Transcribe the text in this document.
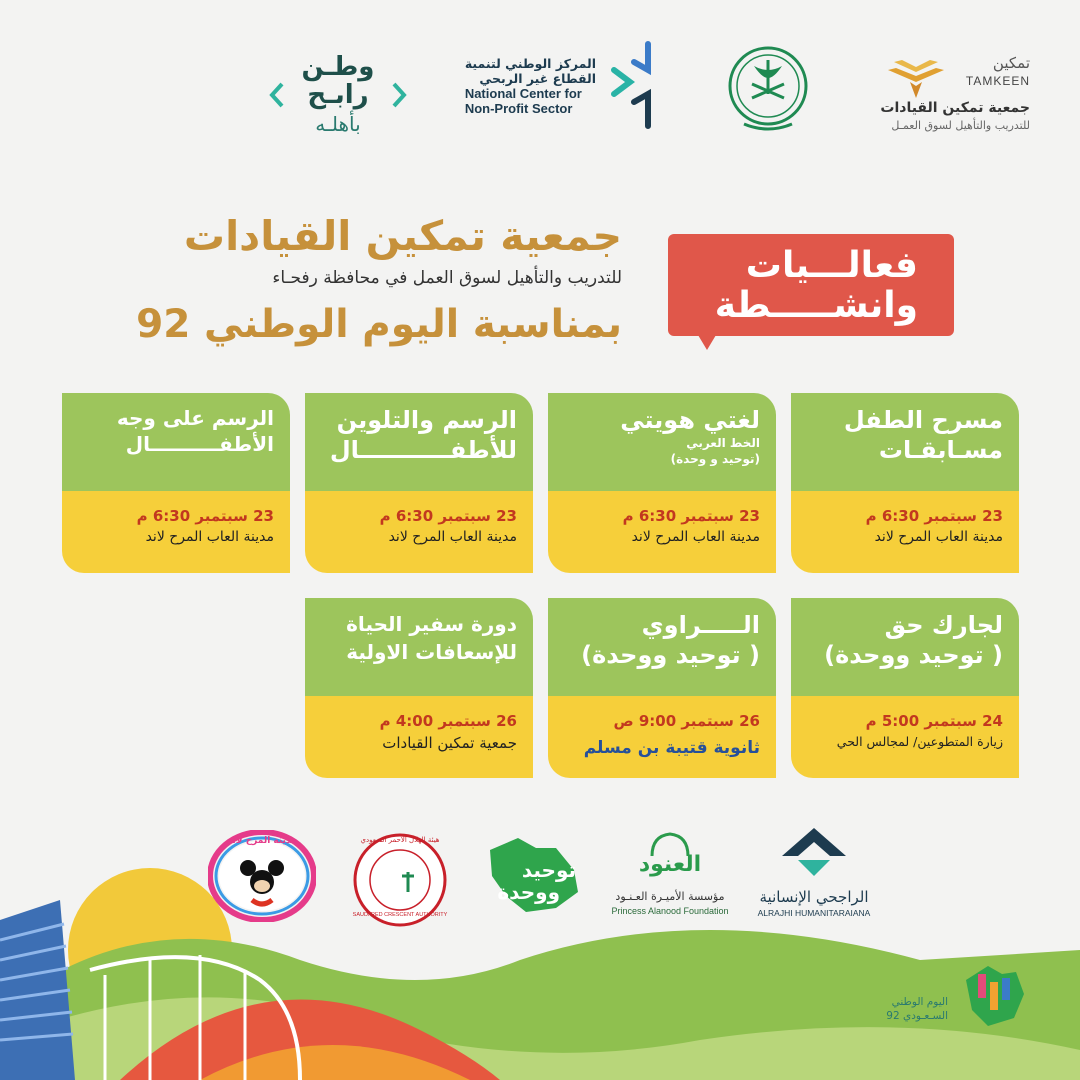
تمكين
TAMKEEN
جمعية تمكين القيادات
للتدريب والتأهيل لسوق العمـل
المركز الوطني لتنمية
القطاع غير الربحي
National Center for
Non-Profit Sector
وطـن
رابـح
بأهلـه
جمعية تمكين القيادات
للتدريب والتأهيل لسوق العمل في محافظة رفحـاء
بمناسبة اليوم الوطني 92
فعالـــيات
وانشـــــطة
مسرح الطفل
مسـابقـات
23 سبتمبر 6:30 م
مدينة العاب المرح لاند
لغتي هويتي
الخط العربي
(توحيد و وحدة)
23 سبتمبر 6:30 م
مدينة العاب المرح لاند
الرسم والتلوين
للأطفـــــــــــال
23 سبتمبر 6:30 م
مدينة العاب المرح لاند
الرسم على وجه
الأطفــــــــــال
23 سبتمبر 6:30 م
مدينة العاب المرح لاند
لجارك حق
( توحيد ووحدة)
24 سبتمبر 5:00 م
زيارة المتطوعين/ لمجالس الحي
الـــــراوي
( توحيد ووحدة)
26 سبتمبر 9:00 ص
ثانوية قتيبة بن مسلم
دورة سفير الحياة
للإسعافات الاولية
26 سبتمبر 4:00 م
جمعية تمكين القيادات
الراجحي الإنسانية
ALRAJHI HUMANITARAIANA
العنود
مؤسسة الأميـرة العـنـود
Princess Alanood Foundation
توحيد
ووحدة
هيئة الهلال الأحمر السعودي
SAUDI RED CRESCENT AUTHORITY
مدينة المرح لاند
اليوم الوطني
السـعـودي 92
